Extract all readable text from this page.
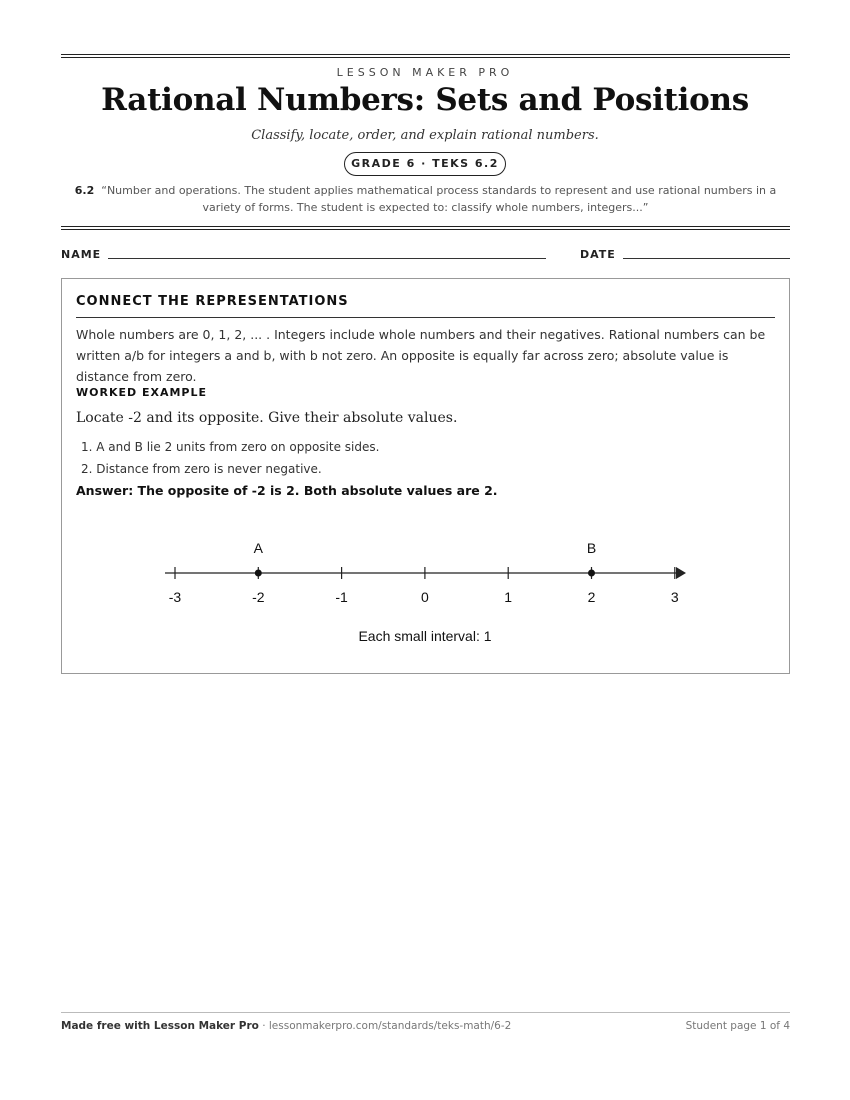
LESSON MAKER PRO
Rational Numbers: Sets and Positions
Classify, locate, order, and explain rational numbers.
GRADE 6 · TEKS 6.2
6.2 “Number and operations. The student applies mathematical process standards to represent and use rational numbers in a variety of forms. The student is expected to: classify whole numbers, integers...”
NAME	DATE
CONNECT THE REPRESENTATIONS
Whole numbers are 0, 1, 2, ... . Integers include whole numbers and their negatives. Rational numbers can be written a/b for integers a and b, with b not zero. An opposite is equally far across zero; absolute value is distance from zero.
WORKED EXAMPLE
Locate -2 and its opposite. Give their absolute values.
1. A and B lie 2 units from zero on opposite sides.
2. Distance from zero is never negative.
Answer: The opposite of -2 is 2. Both absolute values are 2.
-3	-2	-1	0	1	2	3
A	B
Each small interval: 1
Made free with Lesson Maker Pro · lessonmakerpro.com/standards/teks-math/6-2	Student page 1 of 4
